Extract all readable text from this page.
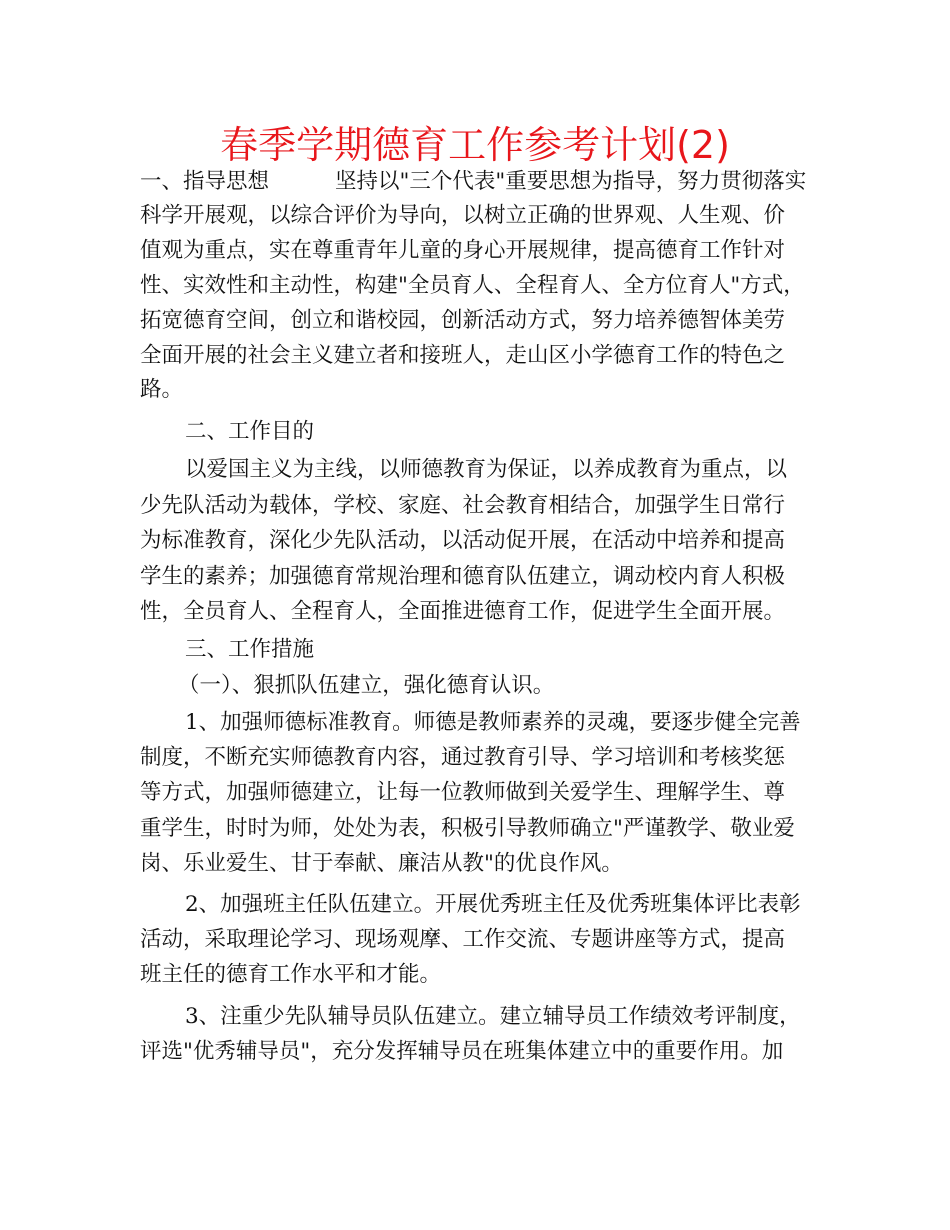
春季学期德育工作参考计划(2)
一、指导思想	坚持以"三个代表"重要思想为指导，努力贯彻落实
科学开展观，以综合评价为导向，以树立正确的世界观、人生观、价
值观为重点，实在尊重青年儿童的身心开展规律，提高德育工作针对
性、实效性和主动性，构建"全员育人、全程育人、全方位育人"方式，
拓宽德育空间，创立和谐校园，创新活动方式，努力培养德智体美劳
全面开展的社会主义建立者和接班人，走山区小学德育工作的特色之
路。
二、工作目的
以爱国主义为主线，以师德教育为保证，以养成教育为重点，以
少先队活动为载体，学校、家庭、社会教育相结合，加强学生日常行
为标准教育，深化少先队活动，以活动促开展，在活动中培养和提高
学生的素养；加强德育常规治理和德育队伍建立，调动校内育人积极
性，全员育人、全程育人，全面推进德育工作，促进学生全面开展。
三、工作措施
（一）、狠抓队伍建立，强化德育认识。
1、加强师德标准教育。师德是教师素养的灵魂，要逐步健全完善
制度，不断充实师德教育内容，通过教育引导、学习培训和考核奖惩
等方式，加强师德建立，让每一位教师做到关爱学生、理解学生、尊
重学生，时时为师，处处为表，积极引导教师确立"严谨教学、敬业爱
岗、乐业爱生、甘于奉献、廉洁从教"的优良作风。
2、加强班主任队伍建立。开展优秀班主任及优秀班集体评比表彰
活动，采取理论学习、现场观摩、工作交流、专题讲座等方式，提高
班主任的德育工作水平和才能。
3、注重少先队辅导员队伍建立。建立辅导员工作绩效考评制度，
评选"优秀辅导员"，充分发挥辅导员在班集体建立中的重要作用。加
